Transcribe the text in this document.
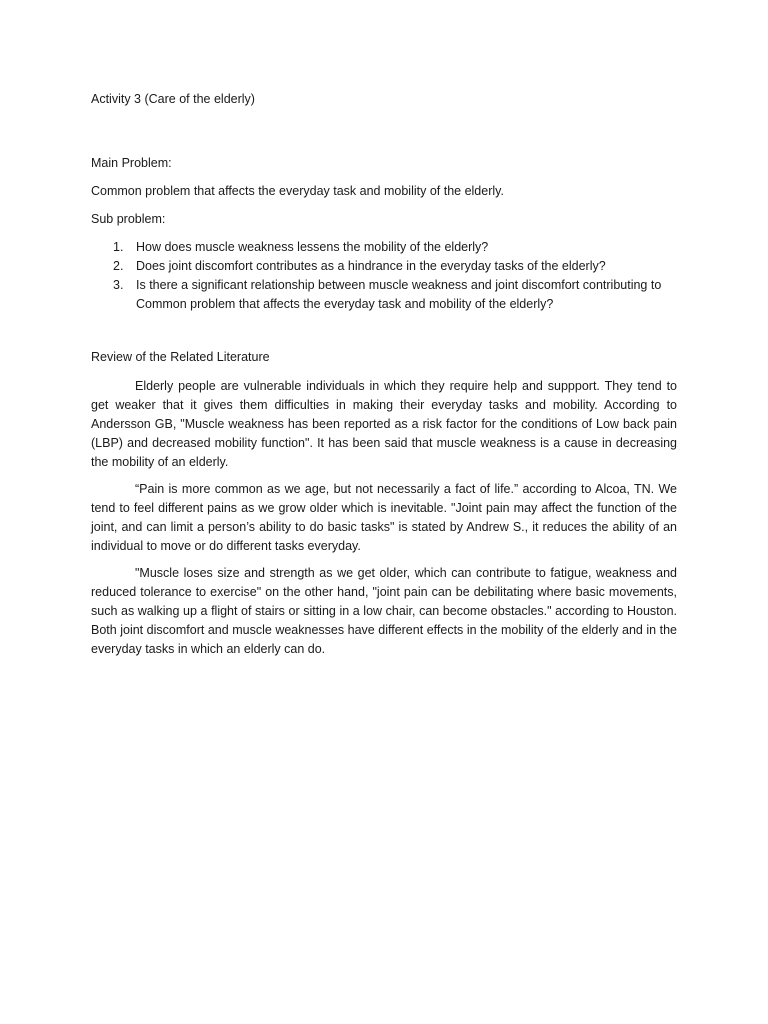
Activity 3 (Care of the elderly)
Main Problem:
Common problem that affects the everyday task and mobility of the elderly.
Sub problem:
1. How does muscle weakness lessens the mobility of the elderly?
2. Does joint discomfort contributes as a hindrance in the everyday tasks of the elderly?
3. Is there a significant relationship between muscle weakness and joint discomfort contributing to Common problem that affects the everyday task and mobility of the elderly?
Review of the Related Literature

Elderly people are vulnerable individuals in which they require help and suppport. They tend to get weaker that it gives them difficulties in making their everyday tasks and mobility. According to Andersson GB, "Muscle weakness has been reported as a risk factor for the conditions of Low back pain (LBP) and decreased mobility function". It has been said that muscle weakness is a cause in decreasing the mobility of an elderly.

“Pain is more common as we age, but not necessarily a fact of life.” according to Alcoa, TN. We tend to feel different pains as we grow older which is inevitable. "Joint pain may affect the function of the joint, and can limit a person’s ability to do basic tasks" is stated by Andrew S., it reduces the ability of an individual to move or do different tasks everyday.

"Muscle loses size and strength as we get older, which can contribute to fatigue, weakness and reduced tolerance to exercise" on the other hand, "joint pain can be debilitating where basic movements, such as walking up a flight of stairs or sitting in a low chair, can become obstacles." according to Houston. Both joint discomfort and muscle weaknesses have different effects in the mobility of the elderly and in the everyday tasks in which an elderly can do.
